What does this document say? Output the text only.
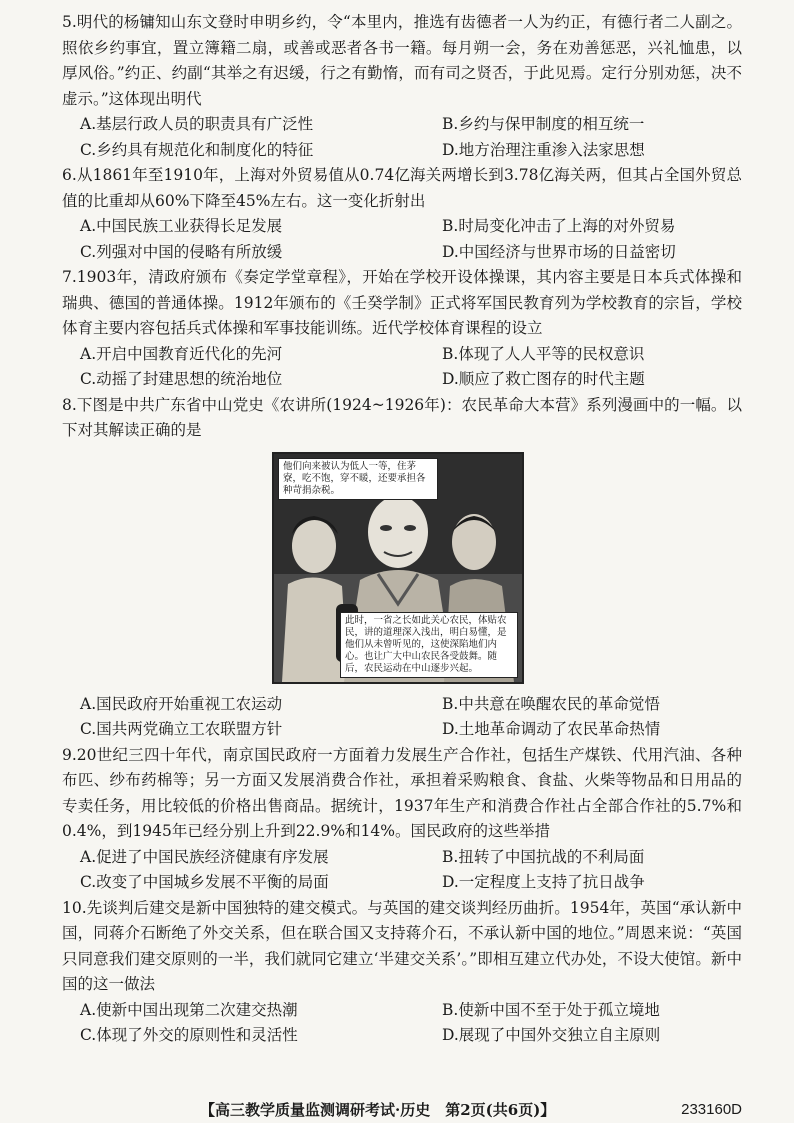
5.明代的杨镛知山东文登时申明乡约，令“本里内，推选有齿德者一人为约正，有德行者二人副之。照依乡约事宜，置立簿籍二扇，或善或恶者各书一籍。每月朔一会，务在劝善惩恶，兴礼恤患，以厚风俗。”约正、约副“其举之有迟缓，行之有勤惰，而有司之贤否，于此见焉。定行分别劝惩，决不虚示。”这体现出明代

A.基层行政人员的职责具有广泛性	B.乡约与保甲制度的相互统一
C.乡约具有规范化和制度化的特征	D.地方治理注重渗入法家思想

6.从1861年至1910年，上海对外贸易值从0.74亿海关两增长到3.78亿海关两，但其占全国外贸总值的比重却从60%下降至45%左右。这一变化折射出

A.中国民族工业获得长足发展	B.时局变化冲击了上海的对外贸易
C.列强对中国的侵略有所放缓	D.中国经济与世界市场的日益密切

7.1903年，清政府颁布《奏定学堂章程》，开始在学校开设体操课，其内容主要是日本兵式体操和瑞典、德国的普通体操。1912年颁布的《壬癸学制》正式将军国民教育列为学校教育的宗旨，学校体育主要内容包括兵式体操和军事技能训练。近代学校体育课程的设立

A.开启中国教育近代化的先河	B.体现了人人平等的民权意识
C.动摇了封建思想的统治地位	D.顺应了救亡图存的时代主题

8.下图是中共广东省中山党史《农讲所(1924~1926年)：农民革命大本营》系列漫画中的一幅。以下对其解读正确的是

他们向来被认为低人一等，住茅寮，吃不饱，穿不暖，还要承担各种苛捐杂税。
此时，一省之长如此关心农民，体贴农民，讲的道理深入浅出，明白易懂，是他们从未曾听见的，这使深陷地们内心。也让广大中山农民各受鼓舞。随后，农民运动在中山逐步兴起。
A.国民政府开始重视工农运动	B.中共意在唤醒农民的革命觉悟
C.国共两党确立工农联盟方针	D.土地革命调动了农民革命热情

9.20世纪三四十年代，南京国民政府一方面着力发展生产合作社，包括生产煤铁、代用汽油、各种布匹、纱布药棉等；另一方面又发展消费合作社，承担着采购粮食、食盐、火柴等物品和日用品的专卖任务，用比较低的价格出售商品。据统计，1937年生产和消费合作社占全部合作社的5.7%和0.4%，到1945年已经分别上升到22.9%和14%。国民政府的这些举措

A.促进了中国民族经济健康有序发展	B.扭转了中国抗战的不利局面
C.改变了中国城乡发展不平衡的局面	D.一定程度上支持了抗日战争

10.先谈判后建交是新中国独特的建交模式。与英国的建交谈判经历曲折。1954年，英国“承认新中国，同蒋介石断绝了外交关系，但在联合国又支持蒋介石，不承认新中国的地位。”周恩来说：“英国只同意我们建交原则的一半，我们就同它建立‘半建交关系’。”即相互建立代办处，不设大使馆。新中国的这一做法

A.使新中国出现第二次建交热潮	B.使新中国不至于处于孤立境地
C.体现了外交的原则性和灵活性	D.展现了中国外交独立自主原则
【高三教学质量监测调研考试·历史　第2页(共6页)】	233160D
